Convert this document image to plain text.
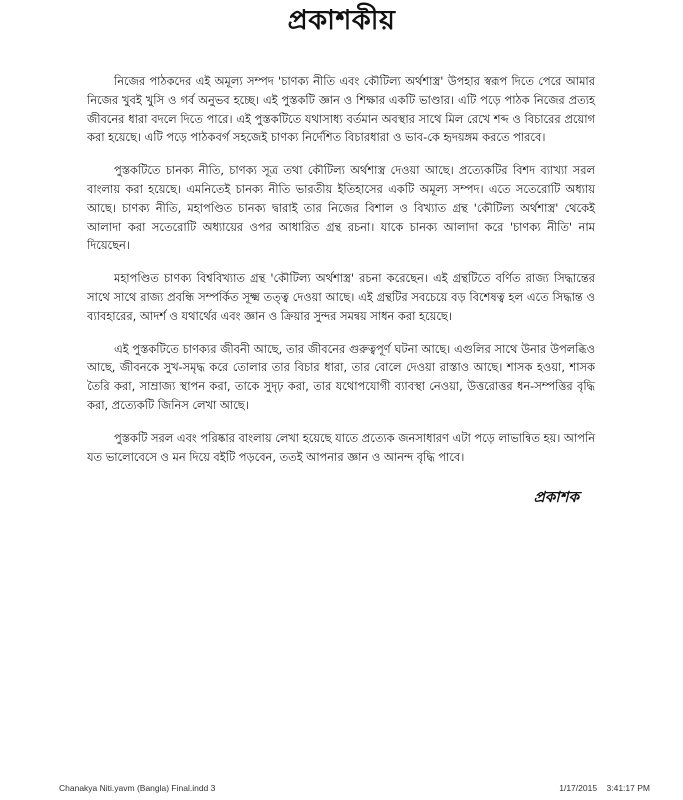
প্রকাশকীয়

নিজের পাঠকদের এই অমূল্য সম্পদ 'চাণক্য নীতি এবং কৌটিল্য অর্থশাস্ত্র' উপহার স্বরূপ দিতে পেরে আমার নিজের খুবই খুসি ও গর্ব অনুভব হচ্ছে। এই পুস্তকটি জ্ঞান ও শিক্ষার একটি ভাণ্ডার। এটি পড়ে পাঠক নিজের প্রত্যহ জীবনের ধারা বদলে দিতে পারে। এই পুস্তকটিতে যথাসাধ্য বর্তমান অবস্থার সাথে মিল রেখে শব্দ ও বিচারের প্রয়োগ করা হয়েছে। এটি পড়ে পাঠকবর্গ সহজেই চাণক্য নির্দেশিত বিচারধারা ও ভাব-কে হৃদয়ঙ্গম করতে পারবে।

পুস্তকটিতে চানক্য নীতি, চাণক্য সূত্র তথা কৌটিল্য অর্থশাস্ত্র দেওয়া আছে। প্রত্যেকটির বিশদ ব্যাখ্যা সরল বাংলায় করা হয়েছে। এমনিতেই চানক্য নীতি ভারতীয় ইতিহাসের একটি অমূল্য সম্পদ। এতে সতেরোটি অধ্যায় আছে। চাণক্য নীতি, মহাপণ্ডিত চানক্য দ্বারাই তার নিজের বিশাল ও বিখ্যাত গ্রন্থ 'কৌটিল্য অর্থশাস্ত্র' থেকেই আলাদা করা সতেরোটি অধ্যায়ের ওপর আধারিত গ্রন্থ রচনা। যাকে চানক্য আলাদা করে 'চাণক্য নীতি' নাম দিয়েছেন।

মহাপণ্ডিত চাণক্য বিশ্ববিখ্যাত গ্রন্থ 'কৌটিল্য অর্থশাস্ত্র' রচনা করেছেন। এই গ্রন্থটিতে বর্ণিত রাজ্য সিদ্ধান্তের সাথে সাথে রাজ্য প্রবন্ধি সম্পর্কিত সূক্ষ্ম তত্ত্ব দেওয়া আছে। এই গ্রন্থটির সবচেয়ে বড় বিশেষত্ব হল এতে সিদ্ধান্ত ও ব্যাবহারের, আদর্শ ও যথার্থের এবং জ্ঞান ও ক্রিয়ার সুন্দর সমন্বয় সাধন করা হয়েছে।

এই পুস্তকটিতে চাণক্যর জীবনী আছে, তার জীবনের গুরুত্বপূর্ণ ঘটনা আছে। এগুলির সাথে উনার উপলব্ধিও আছে, জীবনকে সুখ-সমৃদ্ধ করে তোলার তার বিচার ধারা, তার বোলে দেওয়া রাস্তাও আছে। শাসক হওয়া, শাসক তৈরি করা, সাম্রাজ্য স্থাপন করা, তাকে সুদৃঢ় করা, তার যথোপযোগী ব্যাবস্থা নেওয়া, উত্তরোত্তর ধন-সম্পত্তির বৃদ্ধি করা, প্রত্যেকটি জিনিস লেখা আছে।

পুস্তকটি সরল এবং পরিষ্কার বাংলায় লেখা হয়েছে যাতে প্রত্যেক জনসাধারণ এটা পড়ে লাভান্বিত হয়। আপনি যত ভালোবেসে ও মন দিয়ে বইটি পড়বেন, ততই আপনার জ্ঞান ও আনন্দ বৃদ্ধি পাবে।

প্রকাশক
Chanakya Niti.yavm (Bangla) Final.indd 3	1/17/2015 3:41:17 PM
